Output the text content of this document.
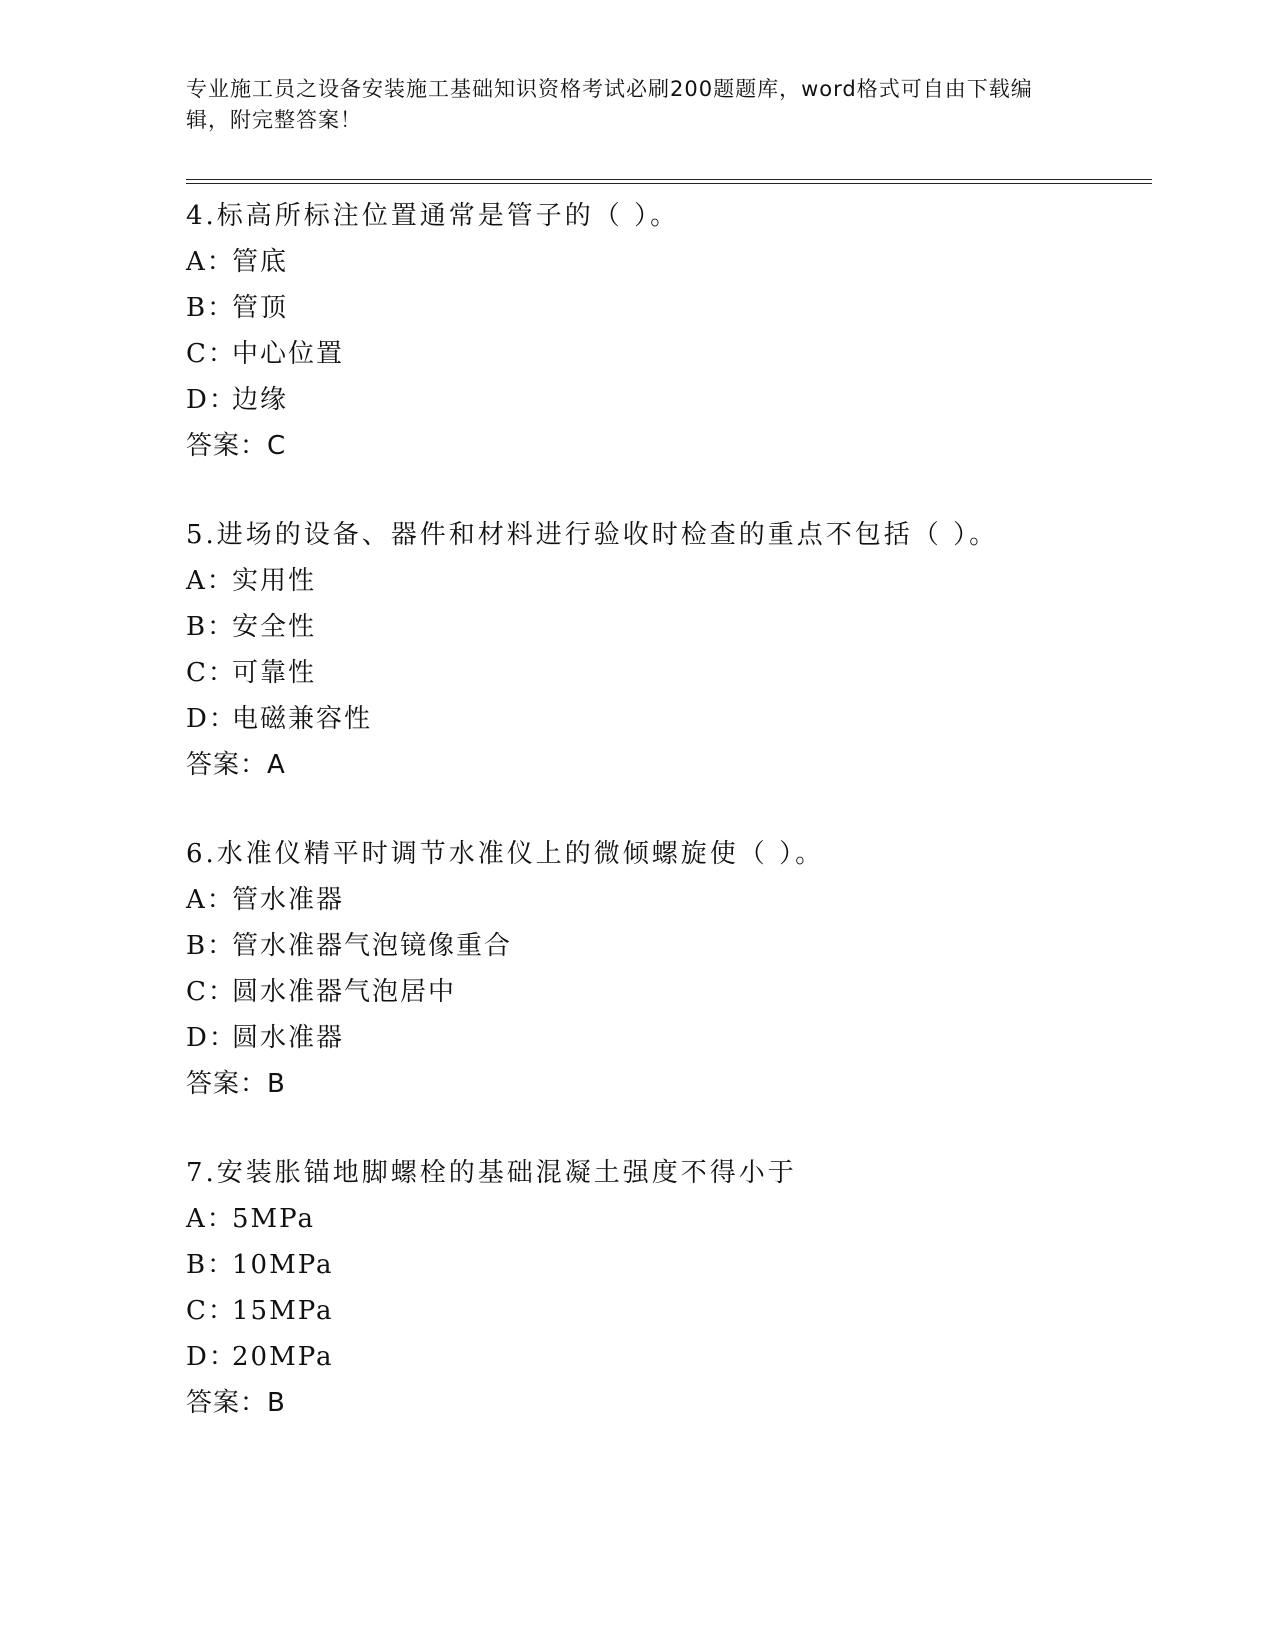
专业施工员之设备安装施工基础知识资格考试必刷200题题库，word格式可自由下载编辑，附完整答案！
4.标高所标注位置通常是管子的（ ）。
A：管底
B：管顶
C：中心位置
D：边缘
答案：C
5.进场的设备、器件和材料进行验收时检查的重点不包括（ ）。
A：实用性
B：安全性
C：可靠性
D：电磁兼容性
答案：A
6.水准仪精平时调节水准仪上的微倾螺旋使（ ）。
A：管水准器
B：管水准器气泡镜像重合
C：圆水准器气泡居中
D：圆水准器
答案：B
7.安装胀锚地脚螺栓的基础混凝土强度不得小于
A：5MPa
B：10MPa
C：15MPa
D：20MPa
答案：B
